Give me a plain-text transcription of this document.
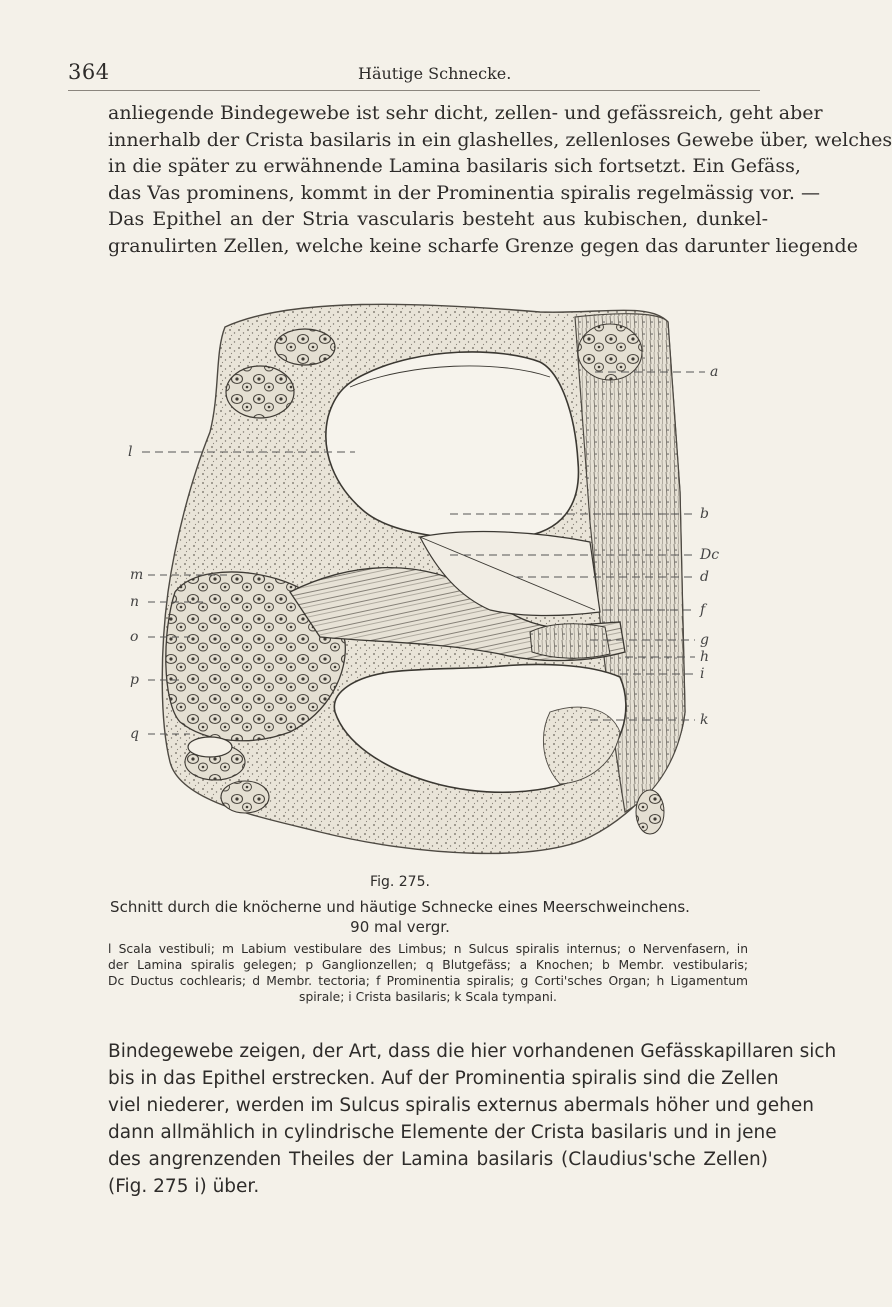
364	Häutige Schnecke.

anliegende Bindegewebe ist sehr dicht, zellen- und gefässreich, geht aber
innerhalb der Crista basilaris in ein glashelles, zellenloses Gewebe über, welches
in die später zu erwähnende Lamina basilaris sich fortsetzt. Ein Gefäss,
das Vas prominens, kommt in der Prominentia spiralis regelmässig vor. —
Das Epithel an der Stria vascularis besteht aus kubischen, dunkel-
granulirten Zellen, welche keine scharfe Grenze gegen das darunter liegende

l
m
n
o
p
q
a
b
Dc
d
f
g
h
i
k
Fig. 275.
Schnitt durch die knöcherne und häutige Schnecke eines Meerschweinchens.
90 mal vergr.

l Scala vestibuli; m Labium vestibulare des Limbus; n Sulcus spiralis internus; o Nervenfasern, in
der Lamina spiralis gelegen; p Ganglionzellen; q Blutgefäss; a Knochen; b Membr. vestibularis;
Dc Ductus cochlearis; d Membr. tectoria; f Prominentia spiralis; g Corti'sches Organ; h Ligamentum
spirale; i Crista basilaris; k Scala tympani.

Bindegewebe zeigen, der Art, dass die hier vorhandenen Gefässkapillaren sich
bis in das Epithel erstrecken. Auf der Prominentia spiralis sind die Zellen
viel niederer, werden im Sulcus spiralis externus abermals höher und gehen
dann allmählich in cylindrische Elemente der Crista basilaris und in jene
des angrenzenden Theiles der Lamina basilaris (Claudius'sche Zellen)
(Fig. 275 i) über.
